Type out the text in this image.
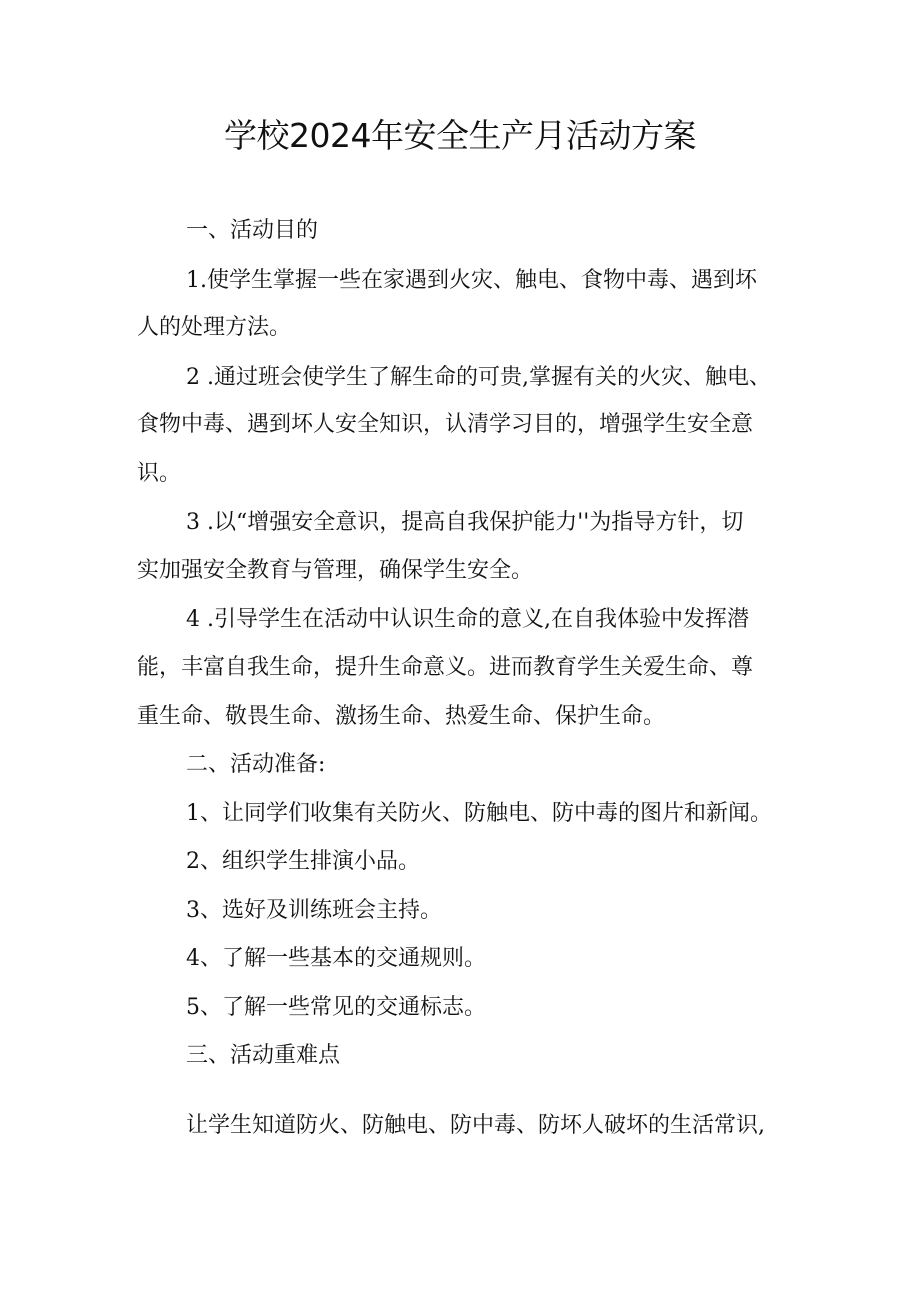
学校2024年安全生产月活动方案
一、活动目的
1.使学生掌握一些在家遇到火灾、触电、食物中毒、遇到坏
人的处理方法。
2 .通过班会使学生了解生命的可贵,掌握有关的火灾、触电、
食物中毒、遇到坏人安全知识，认清学习目的，增强学生安全意
识。
3 .以“增强安全意识，提高自我保护能力''为指导方针，切
实加强安全教育与管理，确保学生安全。
4 .引导学生在活动中认识生命的意义,在自我体验中发挥潜
能，丰富自我生命，提升生命意义。进而教育学生关爱生命、尊
重生命、敬畏生命、激扬生命、热爱生命、保护生命。
二、活动准备:
1、让同学们收集有关防火、防触电、防中毒的图片和新闻。
2、组织学生排演小品。
3、选好及训练班会主持。
4、了解一些基本的交通规则。
5、了解一些常见的交通标志。
三、活动重难点
让学生知道防火、防触电、防中毒、防坏人破坏的生活常识,
